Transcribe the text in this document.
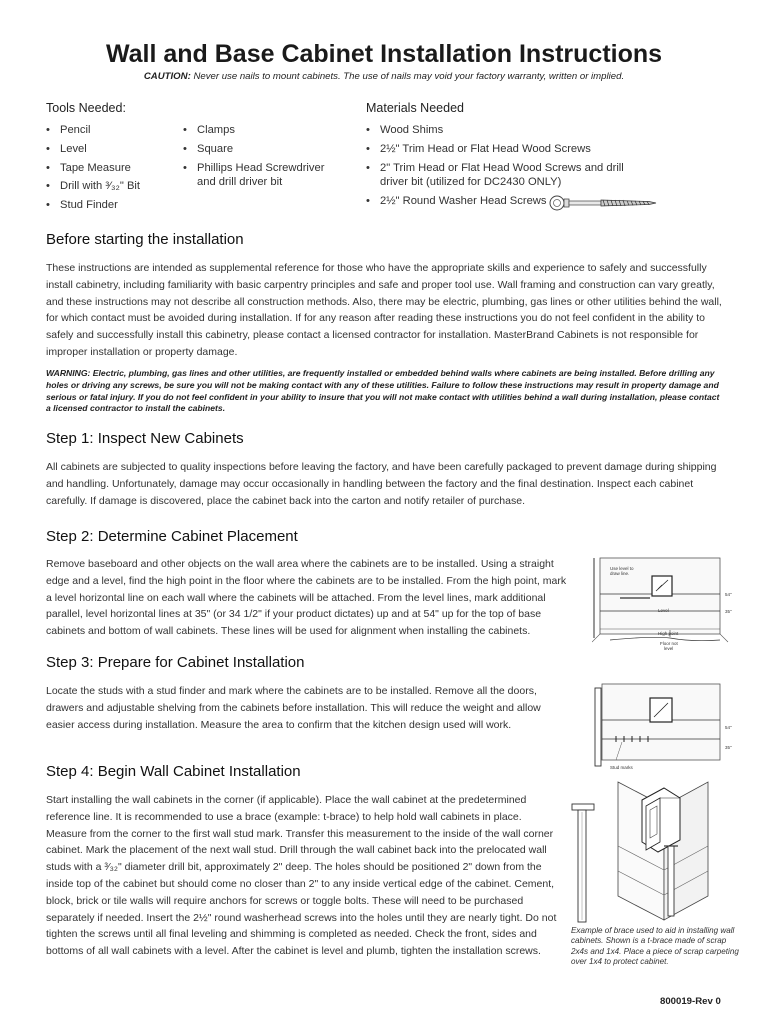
Wall and Base Cabinet Installation Instructions
CAUTION: Never use nails to mount cabinets. The use of nails may void your factory warranty, written or implied.
Tools Needed:
• Pencil
• Level
• Tape Measure
• Drill with ³⁄₃₂" Bit
• Stud Finder
• Clamps
• Square
• Phillips Head Screwdriver and drill driver bit
Materials Needed
• Wood Shims
• 2½" Trim Head or Flat Head Wood Screws
• 2" Trim Head or Flat Head Wood Screws and drill driver bit (utilized for DC2430 ONLY)
• 2½" Round Washer Head Screws
Before starting the installation
These instructions are intended as supplemental reference for those who have the appropriate skills and experience to safely and successfully install cabinetry, including familiarity with basic carpentry principles and safe and proper tool use. Wall framing and construction can vary greatly, and these instructions may not describe all construction methods. Also, there may be electric, plumbing, gas lines or other utilities behind the wall, for which contact must be avoided during installation. If for any reason after reading these instructions you do not feel confident in the ability to safely and successfully install this cabinetry, please contact a licensed contractor for installation. MasterBrand Cabinets is not responsible for improper installation or property damage.
WARNING: Electric, plumbing, gas lines and other utilities, are frequently installed or embedded behind walls where cabinets are being installed. Before drilling any holes or driving any screws, be sure you will not be making contact with any of these utilities. Failure to follow these instructions may result in property damage and serious or fatal injury. If you do not feel confident in your ability to insure that you will not make contact with utilities behind a wall during installation, please contact a licensed contractor to install the cabinets.
Step 1: Inspect New Cabinets
All cabinets are subjected to quality inspections before leaving the factory, and have been carefully packaged to prevent damage during shipping and handling. Unfortunately, damage may occur occasionally in handling between the factory and the final destination. Inspect each cabinet carefully. If damage is discovered, place the cabinet back into the carton and notify retailer of purchase.
Step 2: Determine Cabinet Placement
Remove baseboard and other objects on the wall area where the cabinets are to be installed. Using a straight edge and a level, find the high point in the floor where the cabinets are to be installed. From the high point, mark a level horizontal line on each wall where the cabinets will be attached. From the level lines, mark additional parallel, level horizontal lines at 35" (or 34 1/2" if your product dictates) up and at 54" up for the top of base cabinets and bottom of wall cabinets. These lines will be used for alignment when installing the cabinets.
Use level to
draw line.
54"
35"
Level
High point
Floor not
level
Step 3: Prepare for Cabinet Installation
Locate the studs with a stud finder and mark where the cabinets are to be installed. Remove all the doors, drawers and adjustable shelving from the cabinets before installation. This will reduce the weight and allow easier access during installation. Measure the area to confirm that the kitchen design used will work.	54"
35"
Stud marks
Step 4: Begin Wall Cabinet Installation
Start installing the wall cabinets in the corner (if applicable). Place the wall cabinet at the predetermined reference line. It is recommended to use a brace (example: t-brace) to help hold wall cabinets in place. Measure from the corner to the first wall stud mark. Transfer this measurement to the inside of the wall corner cabinet. Mark the placement of the next wall stud. Drill through the wall cabinet back into the prelocated wall studs with a ³⁄₃₂" diameter drill bit, approximately 2" deep. The holes should be positioned 2" down from the inside top of the cabinet but should come no closer than 2" to any inside vertical edge of the cabinet. Cement, block, brick or tile walls will require anchors for screws or toggle bolts. These will need to be purchased separately if needed. Insert the 2½" round washerhead screws into the holes until they are nearly tight. Do not tighten the screws until all final leveling and shimming is completed as needed. Check the front, sides and bottoms of all wall cabinets with a level. After the cabinet is level and plumb, tighten the installation screws.
Example of brace used to aid in installing wall cabinets. Shown is a t-brace made of scrap 2x4s and 1x4. Place a piece of scrap carpeting over 1x4 to protect cabinet.
800019-Rev 0
